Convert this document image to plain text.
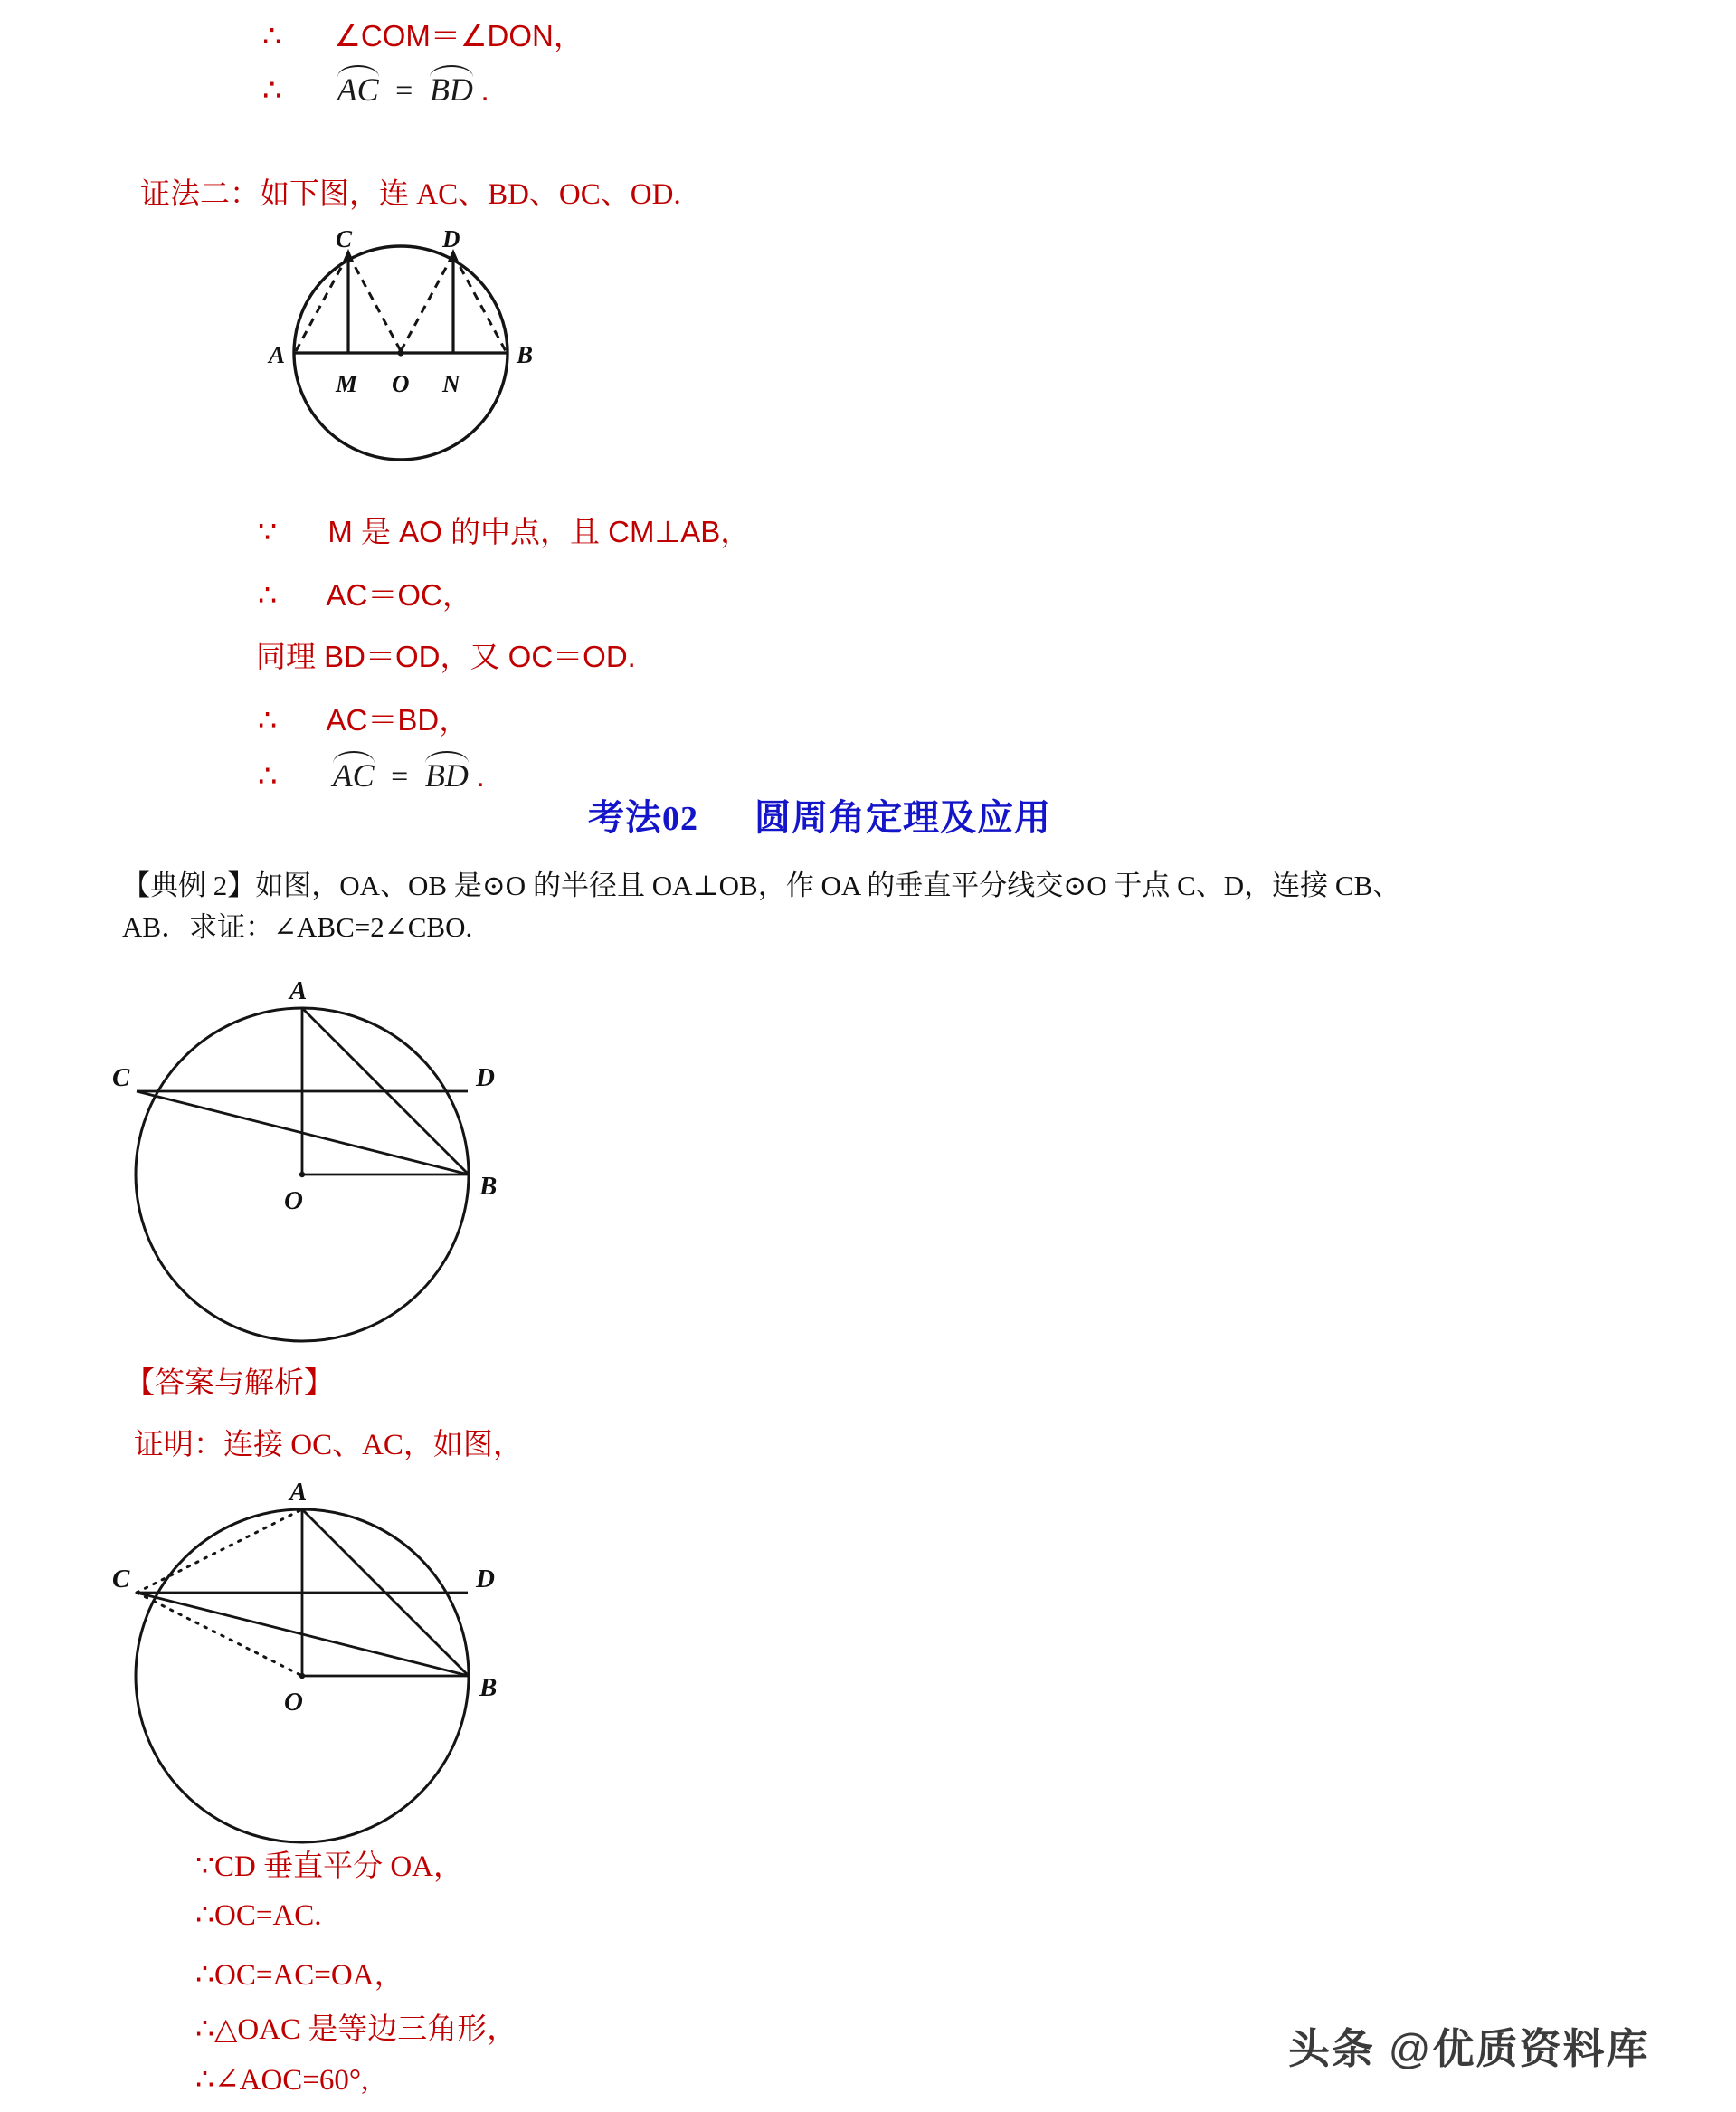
∴ ∠COM＝∠DON，
∴ AC = BD .
证法二：如下图，连 AC、BD、OC、OD.
C	D
A	B
M O N
∵ M 是 AO 的中点，且 CM⊥AB，
∴ AC＝OC，
同理 BD＝OD，又 OC＝OD.
∴ AC＝BD，
∴ AC = BD .
考法02 圆周角定理及应用
【典例 2】如图，OA、OB 是⊙O 的半径且 OA⊥OB，作 OA 的垂直平分线交⊙O 于点 C、D，连接 CB、
AB．求证：∠ABC=2∠CBO.
A
C	D
O	B
【答案与解析】
证明：连接 OC、AC，如图，
A
C	D
O	B
∵CD 垂直平分 OA，
∴OC=AC.
∴OC=AC=OA，
∴△OAC 是等边三角形，
∴∠AOC=60°,
头条 @优质资料库
